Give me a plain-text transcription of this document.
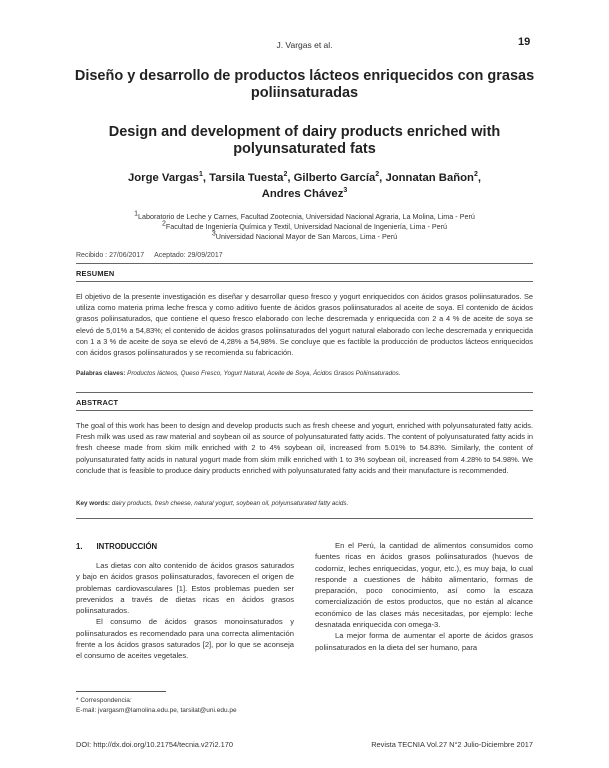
J. Vargas et al.	19
Diseño y desarrollo de productos lácteos enriquecidos con grasas poliinsaturadas
Design and development of dairy products enriched with polyunsaturated fats
Jorge Vargas$^1$, Tarsila Tuesta$^2$, Gilberto García$^2$, Jonnatan Bañon$^2$,
Andres Chávez$^3$
$^1$Laboratorio de Leche y Carnes, Facultad Zootecnia, Universidad Nacional Agraria, La Molina, Lima - Perú
$^2$Facultad de Ingeniería Química y Textil, Universidad Nacional de Ingeniería, Lima - Perú
$^3$Universidad Nacional Mayor de San Marcos, Lima - Perú
Recibido : 27/06/2017 Aceptado: 29/09/2017
RESUMEN
El objetivo de la presente investigación es diseñar y desarrollar queso fresco y yogurt enriquecidos con ácidos grasos poliinsaturados. Se utiliza como materia prima leche fresca y como aditivo fuente de ácidos grasos poliinsaturados al aceite de soya. El contenido de ácidos grasos poliinsaturados, que contiene el queso fresco elaborado con leche descremada y enriquecida con 2 a 4 % de aceite de soya se elevó de 5,01% a 54,83%; el contenido de ácidos grasos poliinsaturados del yogurt natural elaborado con leche descremada y enriquecida con 1 a 3 % de aceite de soya se elevó de 4,28% a 54,98%. Se concluye que es factible la producción de productos lácteos enriquecidos con ácidos grasos poliinsaturados y se recomienda su fabricación.
Palabras claves: Productos lácteos, Queso Fresco, Yogurt Natural, Aceite de Soya, Ácidos Grasos Poliinsaturados.
ABSTRACT
The goal of this work has been to design and develop products such as fresh cheese and yogurt, enriched with polyunsaturated fatty acids. Fresh milk was used as raw material and soybean oil as source of polyunsaturated fatty acids. The content of polyunsaturated fatty acids in fresh cheese made from skim milk enriched with 2 to 4% soybean oil, increased from 5.01% to 54.83%. Similarly, the content of polyunsaturated fatty acids in natural yogurt made from skim milk enriched with 1 to 3% soybean oil, increased from 4.28% to 54.98%. We conclude that is feasible to produce dairy products enriched with polyunsaturated fatty acids and their manufacture is recommended.
Key words: dairy products, fresh cheese, natural yogurt, soybean oil, polyunsaturated fatty acids.
1. INTRODUCCIÓN

Las dietas con alto contenido de ácidos grasos saturados y bajo en ácidos grasos poliinsaturados, favorecen el origen de problemas cardiovasculares [1]. Estos problemas pueden ser prevenidos a través de dietas ricas en ácidos grasos poliinsaturados.

El consumo de ácidos grasos monoinsaturados y poliinsaturados es recomendado para una correcta alimentación frente a los ácidos grasos saturados [2], por lo que se aconseja el consumo de aceites vegetales.

En el Perú, la cantidad de alimentos consumidos como fuentes ricas en ácidos grasos poliinsaturados (huevos de codorniz, leches enriquecidas, yogur, etc.), es muy baja, lo cual responde a cuestiones de hábito alimentario, formas de preparación, poco conocimiento, así como la escaza comercialización de estos productos, que no están al alcance económico de las clases más necesitadas, por ejemplo: leche desnatada enriquecida con omega-3.

La mejor forma de aumentar el aporte de ácidos grasos poliinsaturados en la dieta del ser humano, para

* Correspondencia:
E-mail: jvargasm@lamolina.edu.pe, tarsilat@uni.edu.pe
DOI: http://dx.doi.org/10.21754/tecnia.v27i2.170	Revista TECNIA Vol.27 N°2 Julio-Diciembre 2017
